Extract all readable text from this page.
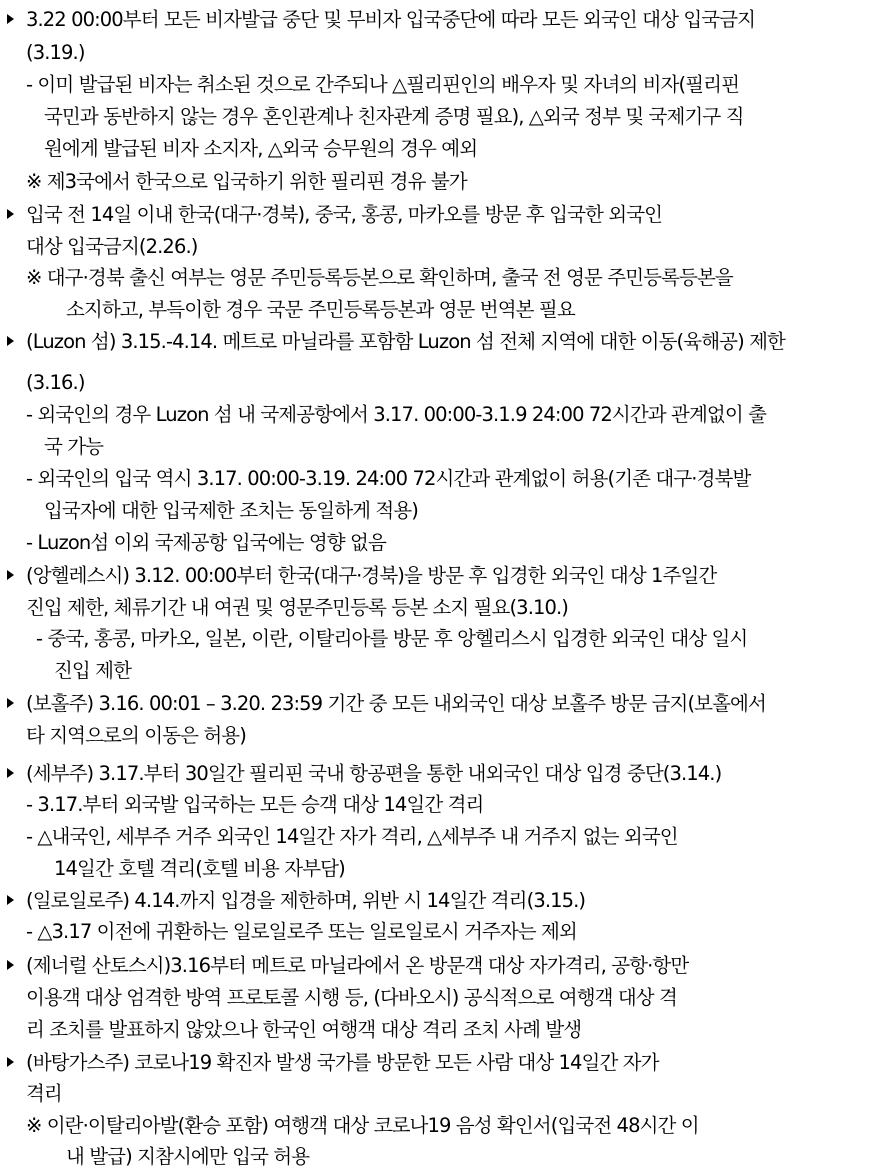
3.22 00:00부터 모든 비자발급 중단 및 무비자 입국중단에 따라 모든 외국인 대상 입국금지
(3.19.)
- 이미 발급된 비자는 취소된 것으로 간주되나 △필리핀인의 배우자 및 자녀의 비자(필리핀
국민과 동반하지 않는 경우 혼인관계나 친자관계 증명 필요), △외국 정부 및 국제기구 직
원에게 발급된 비자 소지자, △외국 승무원의 경우 예외
※ 제3국에서 한국으로 입국하기 위한 필리핀 경유 불가
입국 전 14일 이내 한국(대구·경북), 중국, 홍콩, 마카오를 방문 후 입국한 외국인
대상 입국금지(2.26.)
※ 대구·경북 출신 여부는 영문 주민등록등본으로 확인하며, 출국 전 영문 주민등록등본을
소지하고, 부득이한 경우 국문 주민등록등본과 영문 번역본 필요
(Luzon 섬) 3.15.-4.14. 메트로 마닐라를 포함함 Luzon 섬 전체 지역에 대한 이동(육해공) 제한
(3.16.)
- 외국인의 경우 Luzon 섬 내 국제공항에서 3.17. 00:00-3.1.9 24:00 72시간과 관계없이 출
국 가능
- 외국인의 입국 역시 3.17. 00:00-3.19. 24:00 72시간과 관계없이 허용(기존 대구·경북발
입국자에 대한 입국제한 조치는 동일하게 적용)
- Luzon섬 이외 국제공항 입국에는 영향 없음
(앙헬레스시) 3.12. 00:00부터 한국(대구·경북)을 방문 후 입경한 외국인 대상 1주일간
진입 제한, 체류기간 내 여권 및 영문주민등록 등본 소지 필요(3.10.)
- 중국, 홍콩, 마카오, 일본, 이란, 이탈리아를 방문 후 앙헬리스시 입경한 외국인 대상 일시
진입 제한
(보홀주) 3.16. 00:01 – 3.20. 23:59 기간 중 모든 내외국인 대상 보홀주 방문 금지(보홀에서
타 지역으로의 이동은 허용)
(세부주) 3.17.부터 30일간 필리핀 국내 항공편을 통한 내외국인 대상 입경 중단(3.14.)
- 3.17.부터 외국발 입국하는 모든 승객 대상 14일간 격리
- △내국인, 세부주 거주 외국인 14일간 자가 격리, △세부주 내 거주지 없는 외국인
14일간 호텔 격리(호텔 비용 자부담)
(일로일로주) 4.14.까지 입경을 제한하며, 위반 시 14일간 격리(3.15.)
- △3.17 이전에 귀환하는 일로일로주 또는 일로일로시 거주자는 제외
(제너럴 산토스시)3.16부터 메트로 마닐라에서 온 방문객 대상 자가격리, 공항·항만
이용객 대상 엄격한 방역 프로토콜 시행 등, (다바오시) 공식적으로 여행객 대상 격
리 조치를 발표하지 않았으나 한국인 여행객 대상 격리 조치 사례 발생
(바탕가스주) 코로나19 확진자 발생 국가를 방문한 모든 사람 대상 14일간 자가
격리
※ 이란·이탈리아발(환승 포함) 여행객 대상 코로나19 음성 확인서(입국전 48시간 이
내 발급) 지참시에만 입국 허용
